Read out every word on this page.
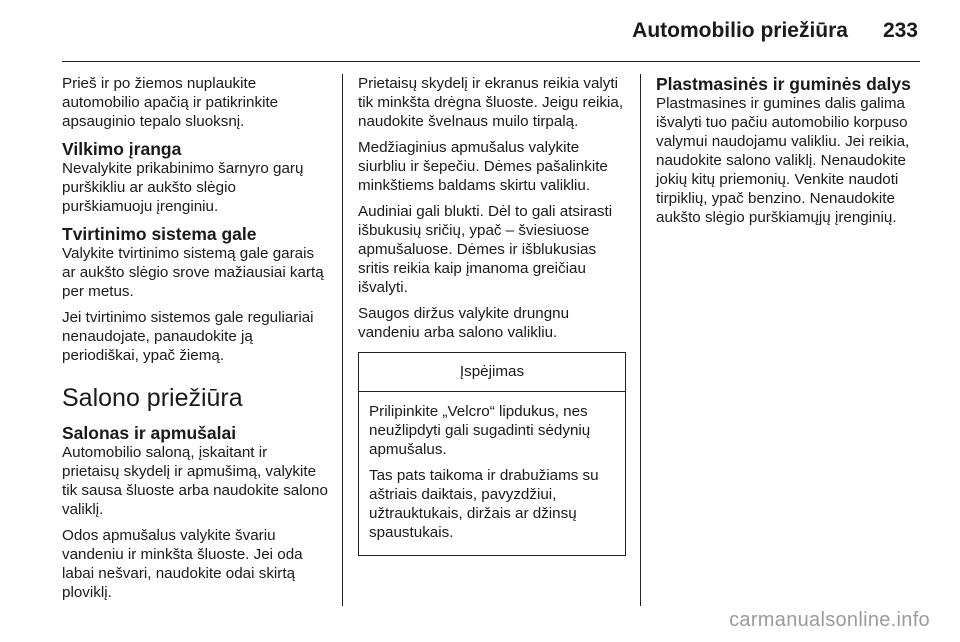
Automobilio priežiūra 233

Prieš ir po žiemos nuplaukite automobilio apačią ir patikrinkite apsauginio tepalo sluoksnį.

Vilkimo įranga

Nevalykite prikabinimo šarnyro garų purškikliu ar aukšto slėgio purškiamuoju įrenginiu.

Tvirtinimo sistema gale

Valykite tvirtinimo sistemą gale garais ar aukšto slėgio srove mažiausiai kartą per metus.

Jei tvirtinimo sistemos gale reguliariai nenaudojate, panaudokite ją periodiškai, ypač žiemą.

Salono priežiūra
Salonas ir apmušalai

Automobilio saloną, įskaitant ir prietaisų skydelį ir apmušimą, valykite tik sausa šluoste arba naudokite salono valiklį.

Odos apmušalus valykite švariu vandeniu ir minkšta šluoste. Jei oda labai nešvari, naudokite odai skirtą ploviklį.

Prietaisų skydelį ir ekranus reikia valyti tik minkšta drėgna šluoste. Jeigu reikia, naudokite švelnaus muilo tirpalą.

Medžiaginius apmušalus valykite siurbliu ir šepečiu. Dėmes pašalinkite minkštiems baldams skirtu valikliu.

Audiniai gali blukti. Dėl to gali atsirasti išbukusių sričių, ypač – šviesiuose apmušaluose. Dėmes ir išblukusias sritis reikia kaip įmanoma greičiau išvalyti.

Saugos diržus valykite drungnu vandeniu arba salono valikliu.

Įspėjimas

Prilipinkite „Velcro“ lipdukus, nes neužlipdyti gali sugadinti sėdynių apmušalus.

Tas pats taikoma ir drabužiams su aštriais daiktais, pavyzdžiui, užtrauktukais, diržais ar džinsų spaustukais.

Plastmasinės ir guminės dalys

Plastmasines ir gumines dalis galima išvalyti tuo pačiu automobilio korpuso valymui naudojamu valikliu. Jei reikia, naudokite salono valiklį. Nenaudokite jokių kitų priemonių. Venkite naudoti tirpiklių, ypač benzino. Nenaudokite aukšto slėgio purškiamųjų įrenginių.

carmanualsonline.info
